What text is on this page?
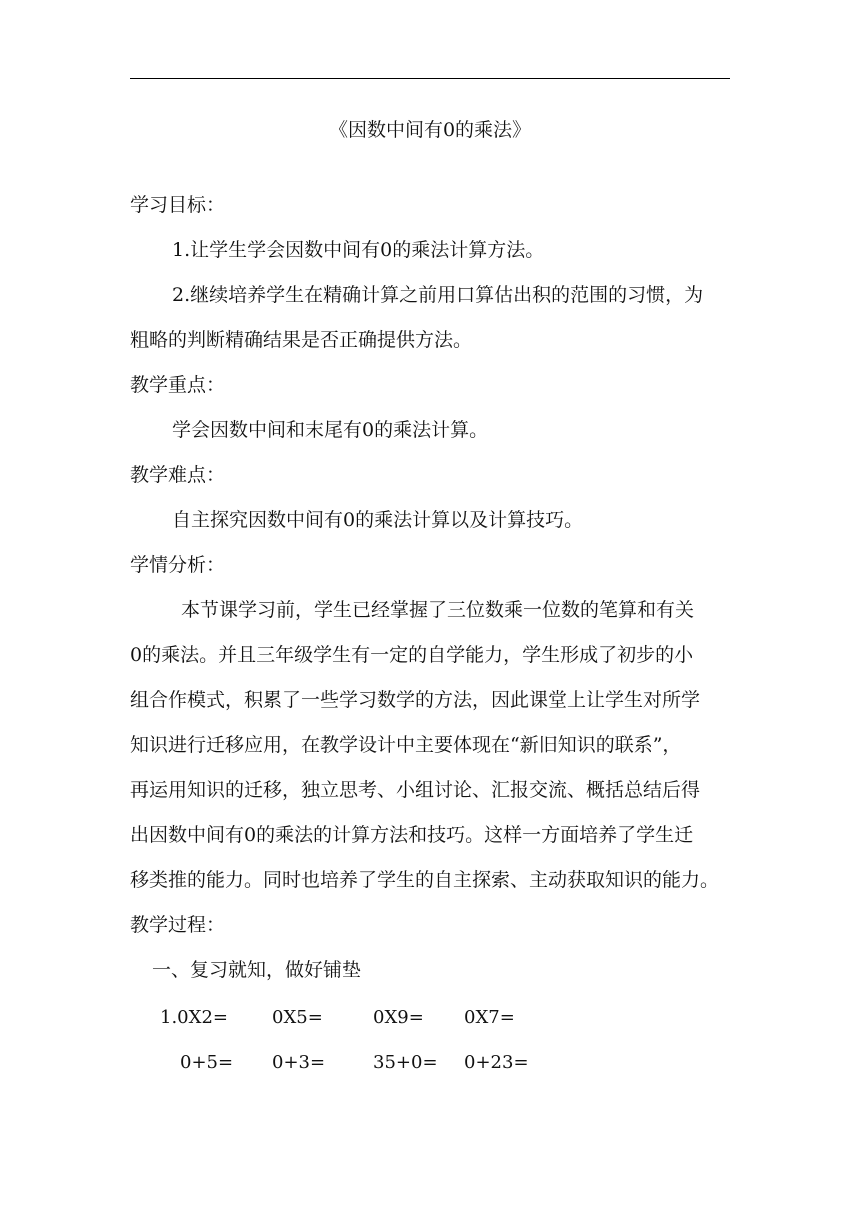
《因数中间有0的乘法》
学习目标：
1.让学生学会因数中间有0的乘法计算方法。
2.继续培养学生在精确计算之前用口算估出积的范围的习惯，为
粗略的判断精确结果是否正确提供方法。
教学重点：
学会因数中间和末尾有0的乘法计算。
教学难点：
自主探究因数中间有0的乘法计算以及计算技巧。
学情分析：
本节课学习前，学生已经掌握了三位数乘一位数的笔算和有关
0的乘法。并且三年级学生有一定的自学能力，学生形成了初步的小
组合作模式，积累了一些学习数学的方法，因此课堂上让学生对所学
知识进行迁移应用，在教学设计中主要体现在“新旧知识的联系”，
再运用知识的迁移，独立思考、小组讨论、汇报交流、概括总结后得
出因数中间有0的乘法的计算方法和技巧。这样一方面培养了学生迁
移类推的能力。同时也培养了学生的自主探索、主动获取知识的能力。
教学过程：
一、复习就知，做好铺垫
1.0X2= 0X5=	0X9= 0X7=
0+5= 0+3=	35+0= 0+23=
